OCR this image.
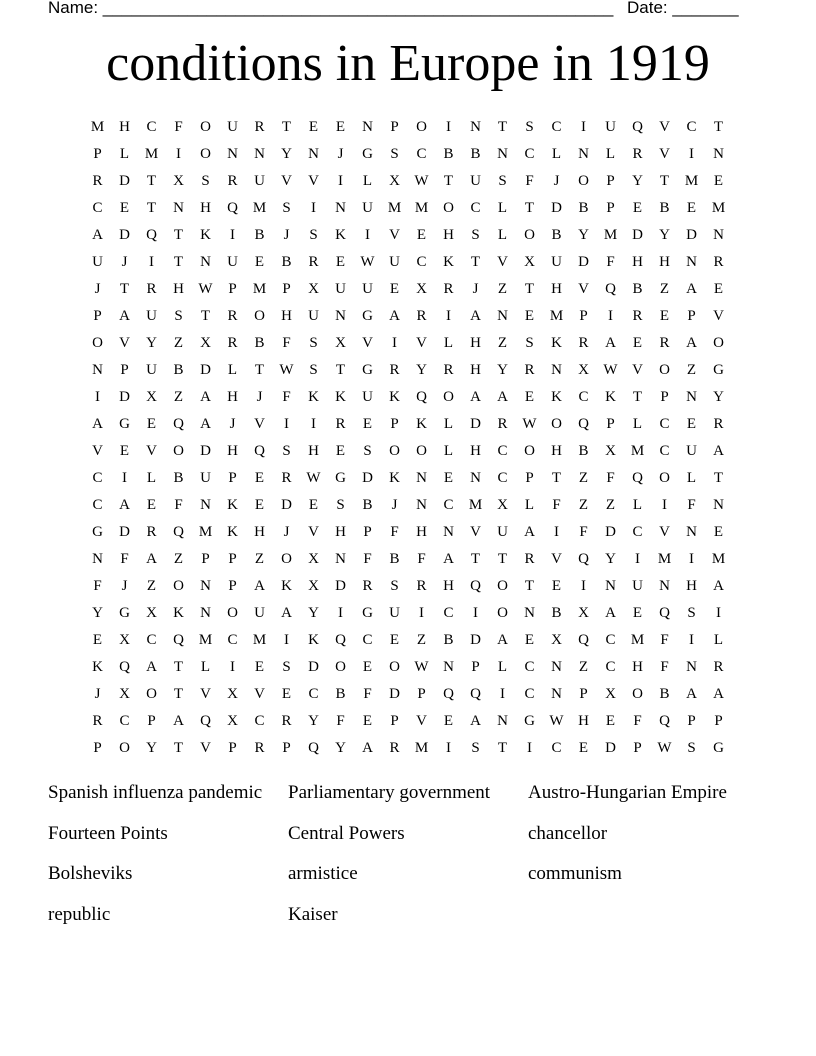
Name: ______________________________________________________ Date: _______
conditions in Europe in 1919
M H	C	F	O	U	R	T	E	E	N	P	O	I	N	T	S	C	I	U	Q	V	C	T
P	L	M	I	O	N	N	Y	N	J	G	S	C	B	B	N	C	L	N	L	R	V	I	N
R	D	T	X	S	R	U	V	V	I	L	X W	T	U	S	F	J	O	P	Y	T	M	E
C	E	T	N	H	Q M	S	I	N	U M M O	C	L	T	D	B	P	E	B	E	M
A	D	Q	T	K	I	B	J	S	K	I	V	E	H	S	L	O	B	Y M D	Y	D	N
U	J	I	T	N	U	E	B	R	E	W U	C	K	T	V	X	U	D	F	H	H	N	R
J	T	R	H W	P	M	P	X	U	U	E	X	R	J	Z	T	H	V	Q	B	Z	A	E
P	A	U	S	T	R	O	H	U	N	G	A	R	I	A	N	E	M	P	I	R	E	P	V
O	V	Y	Z	X	R	B	F	S	X	V	I	V	L	H	Z	S	K	R	A	E	R	A	O
N	P	U	B	D	L	T	W	S	T	G	R	Y	R	H	Y	R	N	X W V	O	Z	G
I	D	X	Z	A	H	J	F	K	K	U	K	Q	O	A	A	E	K	C	K	T	P	N	Y
A	G	E	Q	A	J	V	I	I	R	E	P	K	L	D	R W O	Q	P	L	C	E	R
V	E	V	O	D	H	Q	S	H	E	S	O	O	L	H	C	O	H	B	X M	C	U	A
C	I	L	B	U	P	E	R W G	D	K	N	E	N	C	P	T	Z	F	Q	O	L	T
C	A	E	F	N	K	E	D	E	S	B	J	N	C	M X	L	F	Z	Z	L	I	F	N
G	D	R	Q M K	H	J	V	H	P	F	H	N	V	U	A	I	F	D	C	V	N	E
N	F	A	Z	P	P	Z	O	X	N	F	B	F	A	T	T	R	V	Q	Y	I	M	I	M
F	J	Z	O	N	P	A	K	X	D	R	S	R	H	Q	O	T	E	I	N	U	N	H	A
Y	G	X	K	N	O	U	A	Y	I	G	U	I	C	I	O	N	B	X	A	E	Q	S	I
E	X	C	Q M	C	M	I	K	Q	C	E	Z	B	D	A	E	X	Q	C	M	F	I	L
K	Q	A	T	L	I	E	S	D	O	E	O W N	P	L	C	N	Z	C	H	F	N	R
J	X	O	T	V	X	V	E	C	B	F	D	P	Q	Q	I	C	N	P	X	O	B	A	A
R	C	P	A	Q	X	C	R	Y	F	E	P	V	E	A	N	G W H	E	F	Q	P	P
P	O	Y	T	V	P	R	P	Q	Y	A	R	M	I	S	T	I	C	E	D	P	W	S	G
Spanish influenza pandemic	Parliamentary government	Austro-Hungarian Empire
Fourteen Points	Central Powers	chancellor
Bolsheviks	armistice	communism
republic	Kaiser
